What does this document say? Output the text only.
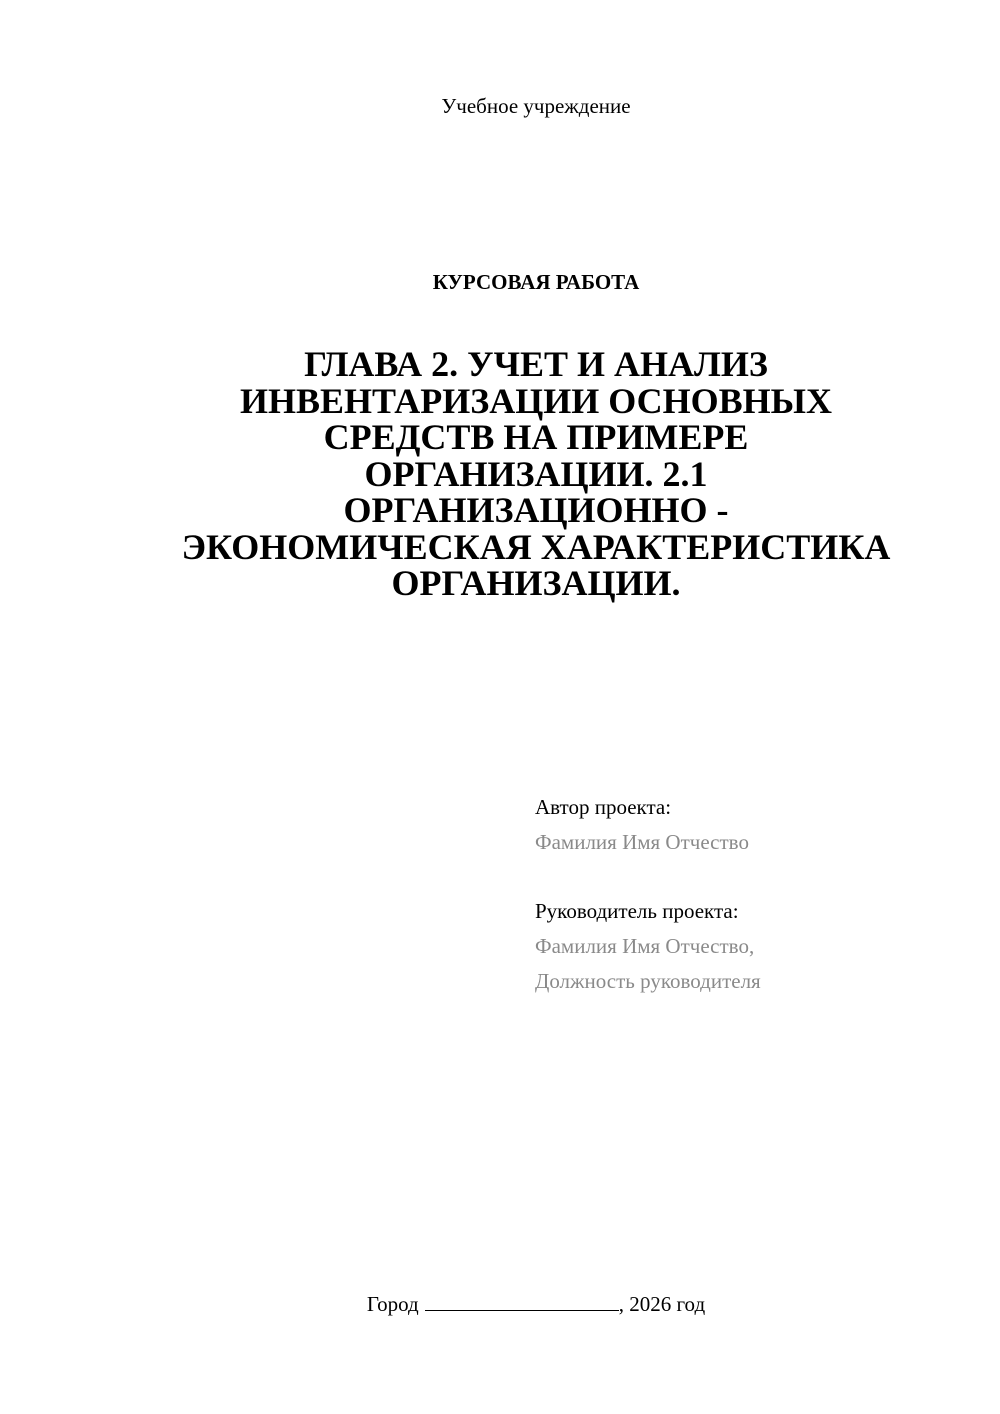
Учебное учреждение
КУРСОВАЯ РАБОТА
ГЛАВА 2. УЧЕТ И АНАЛИЗ
ИНВЕНТАРИЗАЦИИ ОСНОВНЫХ
СРЕДСТВ НА ПРИМЕРЕ
ОРГАНИЗАЦИИ. 2.1
ОРГАНИЗАЦИОННО -
ЭКОНОМИЧЕСКАЯ ХАРАКТЕРИСТИКА
ОРГАНИЗАЦИИ.
Автор проекта:
Фамилия Имя Отчество
Руководитель проекта:
Фамилия Имя Отчество,
Должность руководителя
Город	, 2026 год
